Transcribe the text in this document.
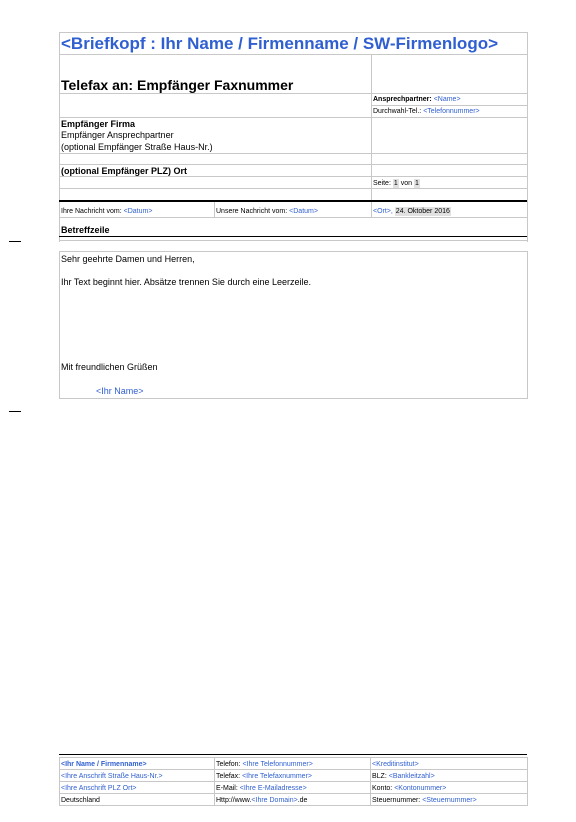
<Briefkopf : Ihr Name / Firmenname / SW-Firmenlogo>
Telefax an: Empfänger Faxnummer
Ansprechpartner: <Name>
Durchwahl-Tel.: <Telefonnummer>
Empfänger Firma
Empfänger Ansprechpartner
(optional Empfänger Straße Haus-Nr.)
(optional Empfänger PLZ) Ort
Seite: 1 von 1
Ihre Nachricht vom: <Datum>	Unsere Nachricht vom: <Datum>	<Ort>, 24. Oktober 2016
Betreffzeile
Sehr geehrte Damen und Herren,
Ihr Text beginnt hier. Absätze trennen Sie durch eine Leerzeile.
Mit freundlichen Grüßen
<Ihr Name>
<Ihr Name / Firmenname>
<Ihre Anschrift Straße Haus-Nr.>
<Ihre Anschrift PLZ Ort>
Deutschland
Telefon: <Ihre Telefonnummer>
Telefax: <Ihre Telefaxnummer>
E-Mail: <Ihre E-Mailadresse>
Http://www.<Ihre Domain>.de
<Kreditinstitut>
BLZ: <Bankleitzahl>
Konto: <Kontonummer>
Steuernummer: <Steuernummer>
